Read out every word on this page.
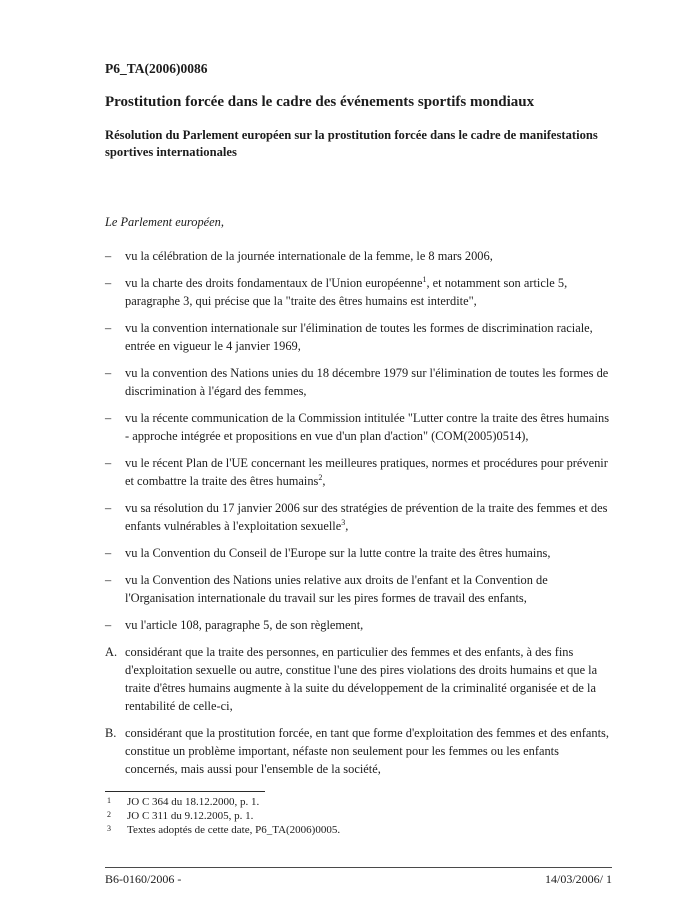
P6_TA(2006)0086

Prostitution forcée dans le cadre des événements sportifs mondiaux

Résolution du Parlement européen sur la prostitution forcée dans le cadre de manifestations sportives internationales

Le Parlement européen,

–	vu la célébration de la journée internationale de la femme, le 8 mars 2006,
–	vu la charte des droits fondamentaux de l'Union européenne$^1$, et notamment son article 5, paragraphe 3, qui précise que la "traite des êtres humains est interdite",
–	vu la convention internationale sur l'élimination de toutes les formes de discrimination raciale, entrée en vigueur le 4 janvier 1969,
–	vu la convention des Nations unies du 18 décembre 1979 sur l'élimination de toutes les formes de discrimination à l'égard des femmes,
–	vu la récente communication de la Commission intitulée "Lutter contre la traite des êtres humains - approche intégrée et propositions en vue d'un plan d'action" (COM(2005)0514),
–	vu le récent Plan de l'UE concernant les meilleures pratiques, normes et procédures pour prévenir et combattre la traite des êtres humains$^2$,
–	vu sa résolution du 17 janvier 2006 sur des stratégies de prévention de la traite des femmes et des enfants vulnérables à l'exploitation sexuelle$^3$,
–	vu la Convention du Conseil de l'Europe sur la lutte contre la traite des êtres humains,
–	vu la Convention des Nations unies relative aux droits de l'enfant et la Convention de l'Organisation internationale du travail sur les pires formes de travail des enfants,
–	vu l'article 108, paragraphe 5, de son règlement,
A. considérant que la traite des personnes, en particulier des femmes et des enfants, à des fins d'exploitation sexuelle ou autre, constitue l'une des pires violations des droits humains et que la traite d'êtres humains augmente à la suite du développement de la criminalité organisée et de la rentabilité de celle-ci,
B. considérant que la prostitution forcée, en tant que forme d'exploitation des femmes et des enfants, constitue un problème important, néfaste non seulement pour les femmes ou les enfants concernés, mais aussi pour l'ensemble de la société,
1	JO C 364 du 18.12.2000, p. 1.
2	JO C 311 du 9.12.2005, p. 1.
3	Textes adoptés de cette date, P6_TA(2006)0005.
B6-0160/2006 -	14/03/2006/ 1
